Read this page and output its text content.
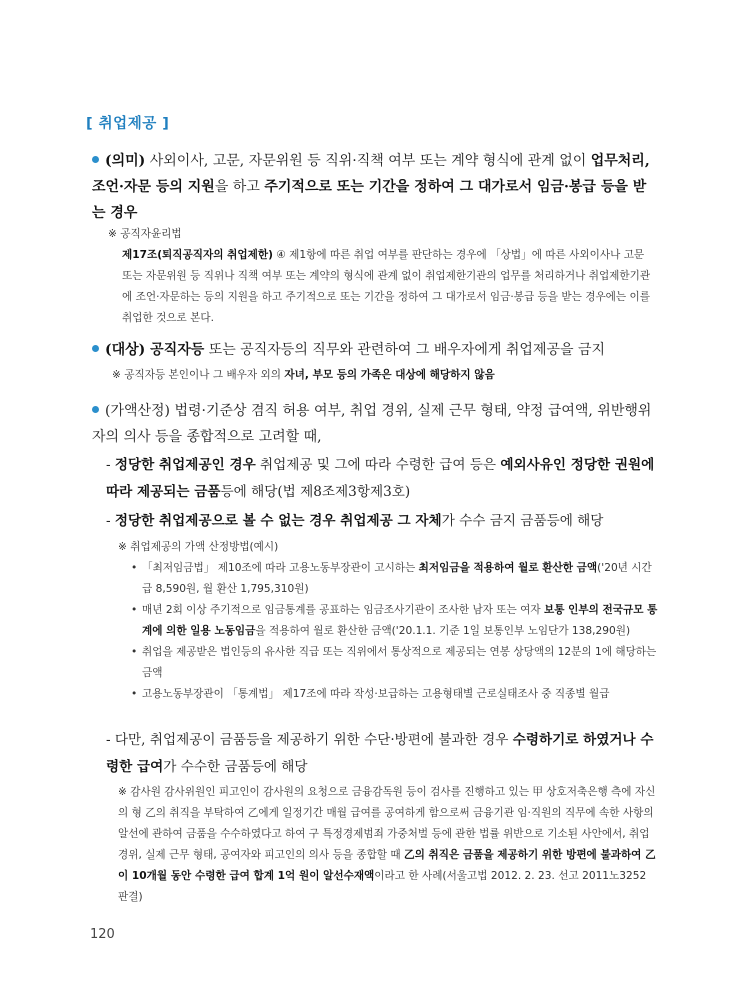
[ 취업제공 ]
(의미) 사외이사, 고문, 자문위원 등 직위·직책 여부 또는 계약 형식에 관계 없이 업무처리, 조언·자문 등의 지원을 하고 주기적으로 또는 기간을 정하여 그 대가로서 임금·봉급 등을 받는 경우
※ 공직자윤리법
제17조(퇴직공직자의 취업제한) ④ 제1항에 따른 취업 여부를 판단하는 경우에 「상법」에 따른 사외이사나 고문 또는 자문위원 등 직위나 직책 여부 또는 계약의 형식에 관계 없이 취업제한기관의 업무를 처리하거나 취업제한기관에 조언·자문하는 등의 지원을 하고 주기적으로 또는 기간을 정하여 그 대가로서 임금·봉급 등을 받는 경우에는 이를 취업한 것으로 본다.
(대상) 공직자등 또는 공직자등의 직무와 관련하여 그 배우자에게 취업제공을 금지
※ 공직자등 본인이나 그 배우자 외의 자녀, 부모 등의 가족은 대상에 해당하지 않음
(가액산정) 법령·기준상 겸직 허용 여부, 취업 경위, 실제 근무 형태, 약정 급여액, 위반행위자의 의사 등을 종합적으로 고려할 때,
- 정당한 취업제공인 경우 취업제공 및 그에 따라 수령한 급여 등은 예외사유인 정당한 권원에 따라 제공되는 금품등에 해당(법 제8조제3항제3호)
- 정당한 취업제공으로 볼 수 없는 경우 취업제공 그 자체가 수수 금지 금품등에 해당
※ 취업제공의 가액 산정방법(예시)
• 「최저임금법」 제10조에 따라 고용노동부장관이 고시하는 최저임금을 적용하여 월로 환산한 금액('20년 시간급 8,590원, 월 환산 1,795,310원)
• 매년 2회 이상 주기적으로 임금통계를 공표하는 임금조사기관이 조사한 남자 또는 여자 보통 인부의 전국규모 통계에 의한 일용 노동임금을 적용하여 월로 환산한 금액('20.1.1. 기준 1일 보통인부 노임단가 138,290원)
• 취업을 제공받은 법인등의 유사한 직급 또는 직위에서 통상적으로 제공되는 연봉 상당액의 12분의 1에 해당하는 금액
• 고용노동부장관이 「통계법」 제17조에 따라 작성·보급하는 고용형태별 근로실태조사 중 직종별 월급
- 다만, 취업제공이 금품등을 제공하기 위한 수단·방편에 불과한 경우 수령하기로 하였거나 수령한 급여가 수수한 금품등에 해당
※ 감사원 감사위원인 피고인이 감사원의 요청으로 금융감독원 등이 검사를 진행하고 있는 甲 상호저축은행 측에 자신의 형 乙의 취직을 부탁하여 乙에게 일정기간 매월 급여를 공여하게 함으로써 금융기관 임·직원의 직무에 속한 사항의 알선에 관하여 금품을 수수하였다고 하여 구 특정경제범죄 가중처벌 등에 관한 법률 위반으로 기소된 사안에서, 취업 경위, 실제 근무 형태, 공여자와 피고인의 의사 등을 종합할 때 乙의 취직은 금품을 제공하기 위한 방편에 불과하여 乙이 10개월 동안 수령한 급여 합계 1억 원이 알선수재액이라고 한 사례(서울고법 2012. 2. 23. 선고 2011노3252 판결)
120
